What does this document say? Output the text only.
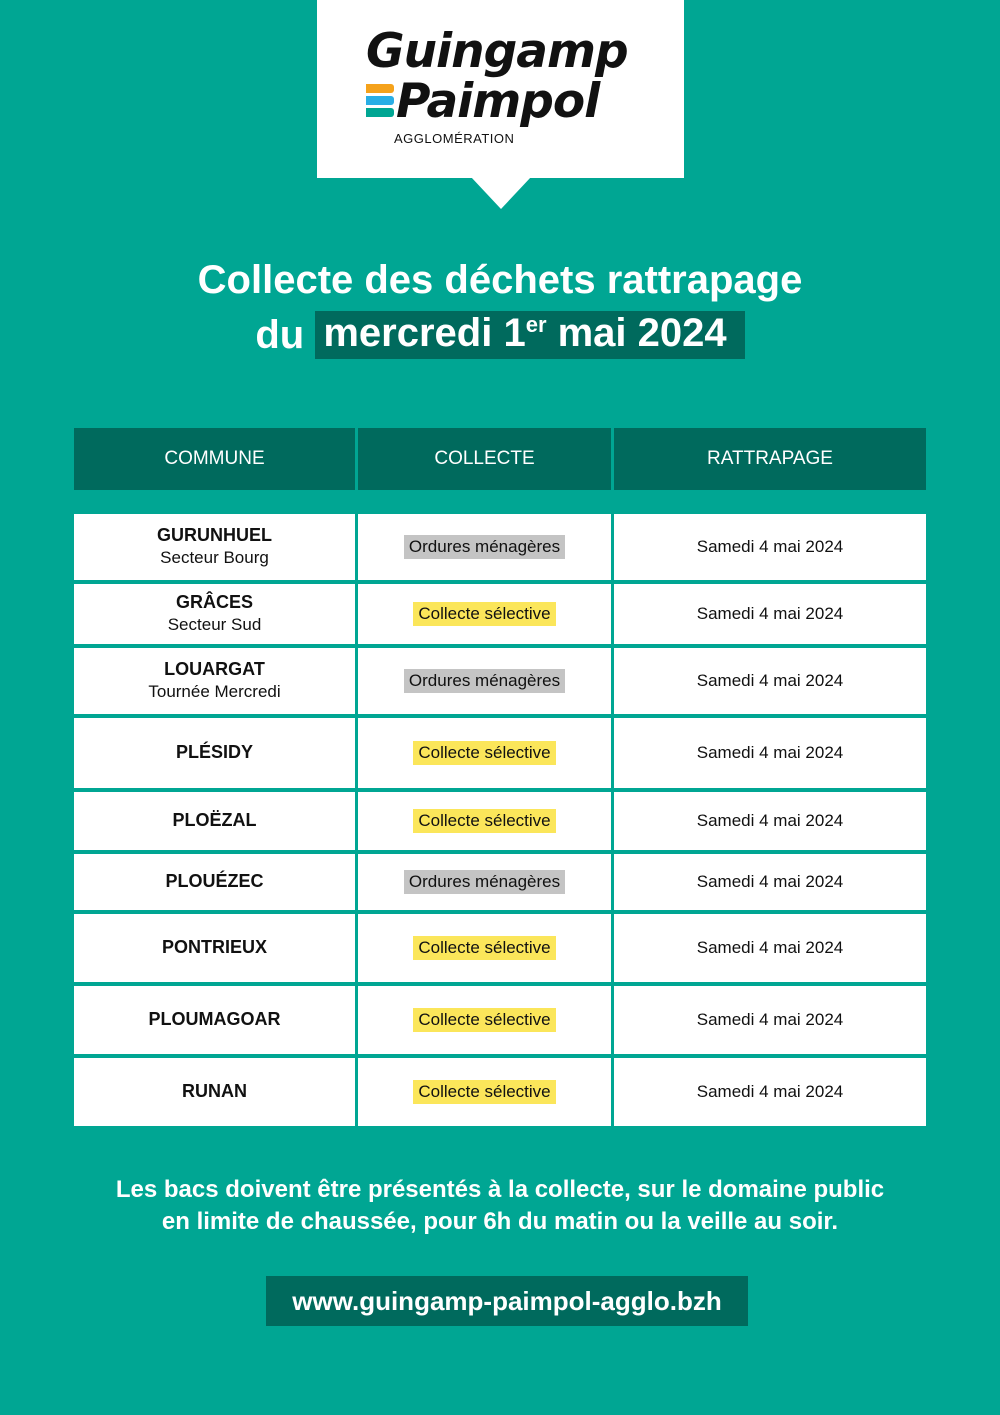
Guingamp
Paimpol
AGGLOMÉRATION
Collecte des déchets rattrapage
du mercredi 1er mai 2024
COMMUNE	COLLECTE	RATTRAPAGE
GURUNHUEL
Secteur Bourg
Ordures ménagères	Samedi 4 mai 2024
GRÂCES
Secteur Sud
Collecte sélective	Samedi 4 mai 2024
LOUARGAT
Tournée Mercredi
Ordures ménagères	Samedi 4 mai 2024
PLÉSIDY	Collecte sélective	Samedi 4 mai 2024
PLOËZAL	Collecte sélective	Samedi 4 mai 2024
PLOUÉZEC	Ordures ménagères	Samedi 4 mai 2024
PONTRIEUX	Collecte sélective	Samedi 4 mai 2024
PLOUMAGOAR	Collecte sélective	Samedi 4 mai 2024
RUNAN	Collecte sélective	Samedi 4 mai 2024
Les bacs doivent être présentés à la collecte, sur le domaine public
en limite de chaussée, pour 6h du matin ou la veille au soir.
www.guingamp-paimpol-agglo.bzh
